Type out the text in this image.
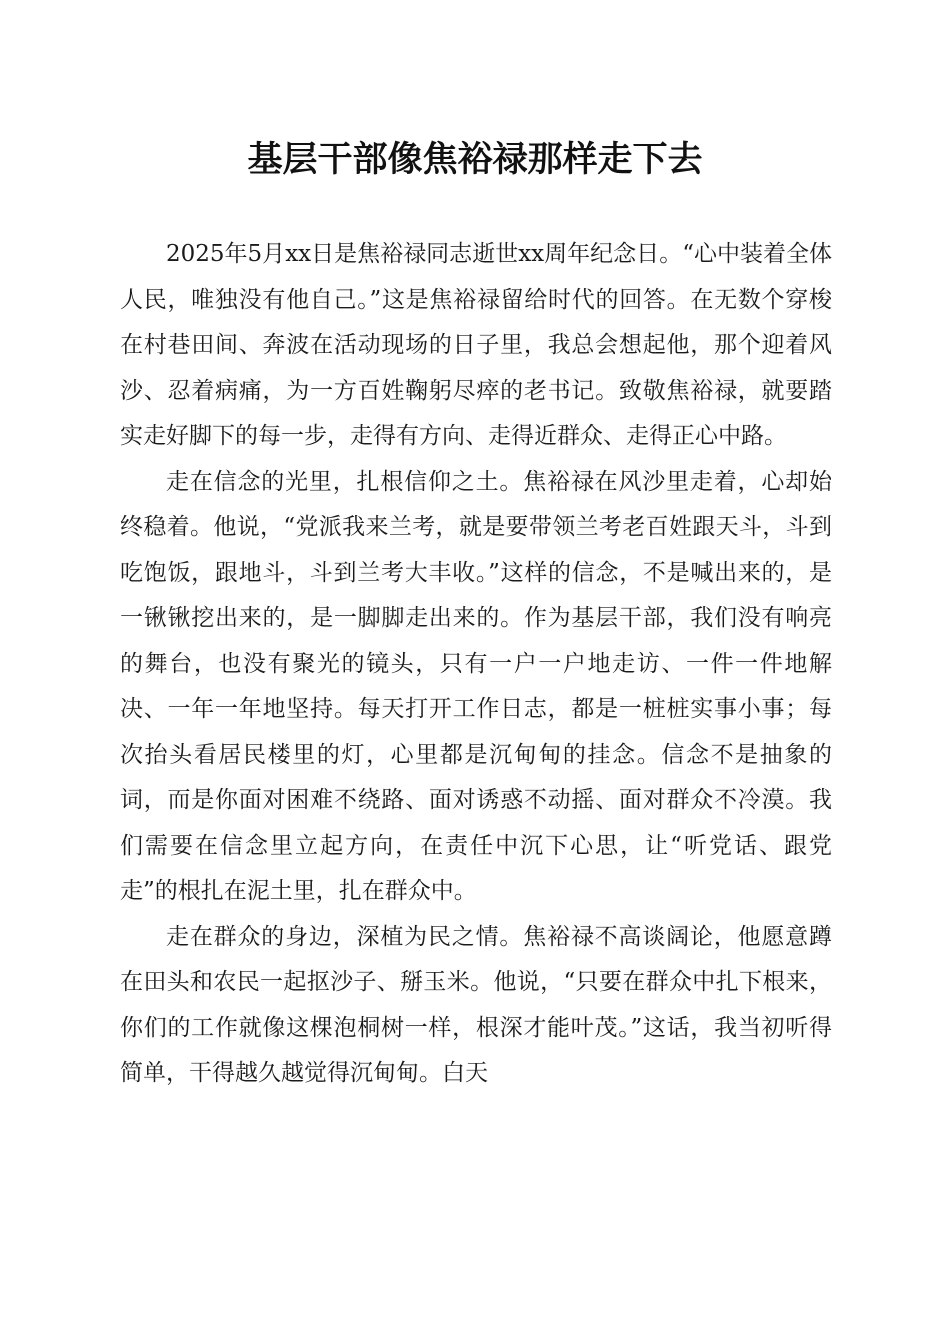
基层干部像焦裕禄那样走下去

2025年5月xx日是焦裕禄同志逝世xx周年纪念日。“心中装着全体人民，唯独没有他自己。”这是焦裕禄留给时代的回答。在无数个穿梭在村巷田间、奔波在活动现场的日子里，我总会想起他，那个迎着风沙、忍着病痛，为一方百姓鞠躬尽瘁的老书记。致敬焦裕禄，就要踏实走好脚下的每一步，走得有方向、走得近群众、走得正心中路。

走在信念的光里，扎根信仰之土。焦裕禄在风沙里走着，心却始终稳着。他说，“党派我来兰考，就是要带领兰考老百姓跟天斗，斗到吃饱饭，跟地斗，斗到兰考大丰收。”这样的信念，不是喊出来的，是一锹锹挖出来的，是一脚脚走出来的。作为基层干部，我们没有响亮的舞台，也没有聚光的镜头，只有一户一户地走访、一件一件地解决、一年一年地坚持。每天打开工作日志，都是一桩桩实事小事；每次抬头看居民楼里的灯，心里都是沉甸甸的挂念。信念不是抽象的词，而是你面对困难不绕路、面对诱惑不动摇、面对群众不冷漠。我们需要在信念里立起方向，在责任中沉下心思，让“听党话、跟党走”的根扎在泥土里，扎在群众中。

走在群众的身边，深植为民之情。焦裕禄不高谈阔论，他愿意蹲在田头和农民一起抠沙子、掰玉米。他说，“只要在群众中扎下根来，你们的工作就像这棵泡桐树一样，根深才能叶茂。”这话，我当初听得简单，干得越久越觉得沉甸甸。白天
